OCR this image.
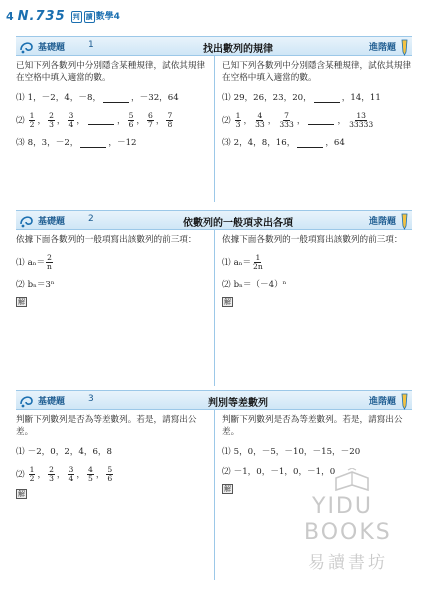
4 N.735	判 讀 數學4
基礎題	1	找出數列的規律	進階題
已知下列各數列中分別隱含某種規律，試依其規律在空格中填入適當的數。
⑴ 1，－2，4，－8，	，－32，64
⑵ $\frac{1}{2}$ ， $\frac{2}{3}$ ， $\frac{3}{4}$ ，	， $\frac{5}{6}$ ， $\frac{6}{7}$ ， $\frac{7}{8}$
⑶ 8，3，－2，	，－12
已知下列各數列中分別隱含某種規律，試依其規律在空格中填入適當的數。
⑴ 29，26，23，20，	，14，11
⑵ $\frac{1}{3}$ ， $\frac{4}{33}$ ， $\frac{7}{333}$ ，	， $\frac{13}{33333}$
⑶ 2，4，8，16，	，64
基礎題	2	依數列的一般項求出各項	進階題
依據下面各數列的一般項寫出該數列的前三項：
⑴ $a_n= \frac{2}{n}$
⑵ bₙ＝3ⁿ
解
依據下面各數列的一般項寫出該數列的前三項：
⑴ $a_n= \frac{1}{2n}$
⑵ bₙ＝（－4）ⁿ
解
基礎題	3	判別等差數列	進階題
判斷下列數列是否為等差數列。若是，請寫出公差。
⑴ －2，0，2，4，6，8
⑵ $\frac{1}{2}$ ， $\frac{2}{3}$ ， $\frac{3}{4}$ ， $\frac{4}{5}$ ， $\frac{5}{6}$
解
判斷下列數列是否為等差數列。若是，請寫出公差。
⑴ 5，0，－5，－10，－15，－20
⑵ －1，0，－1，0，－1，0
解
YIDU
BOOKS
易讀書坊
